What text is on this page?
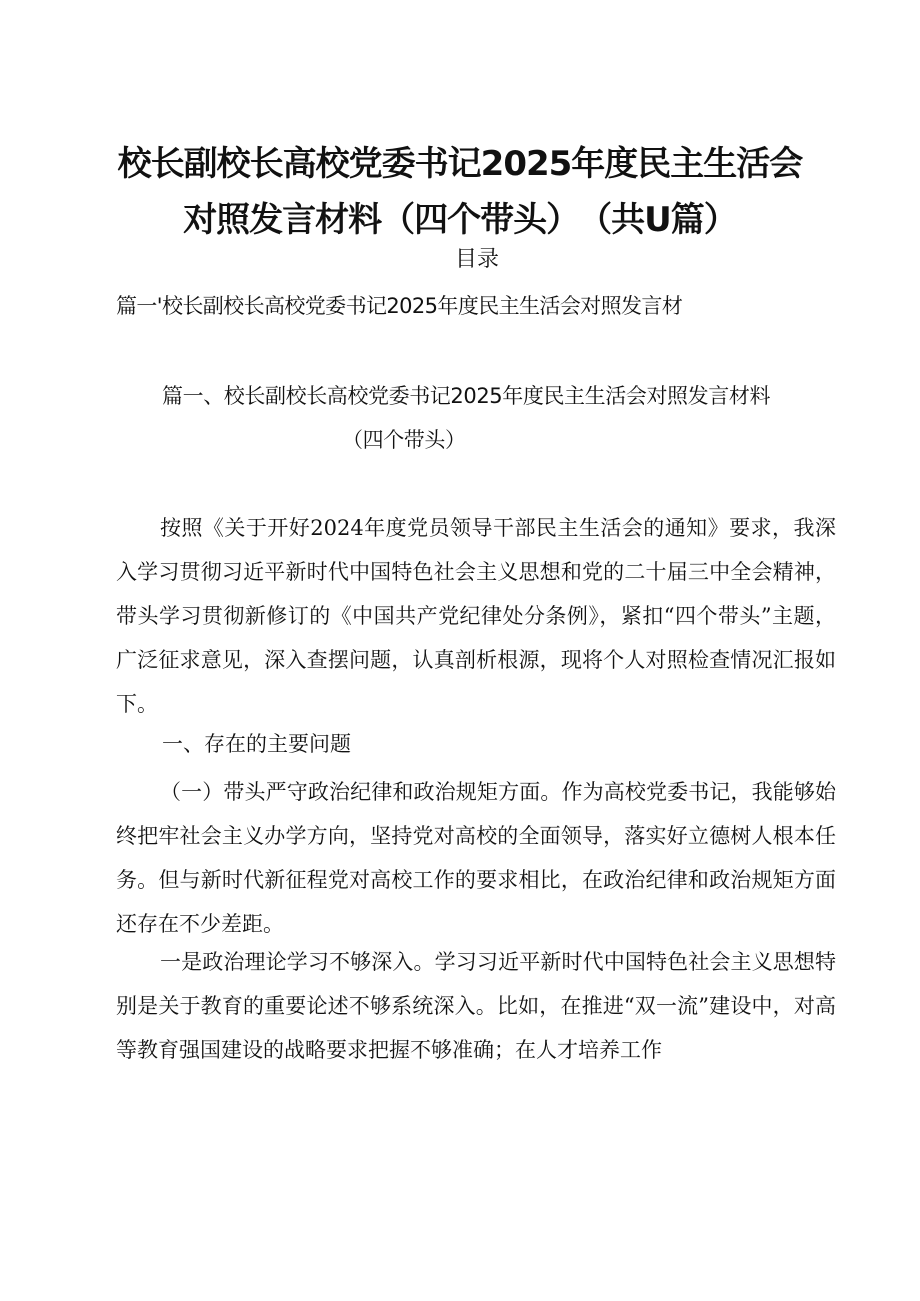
校长副校长高校党委书记2025年度民主生活会
对照发言材料（四个带头）　（共U篇）
目录
篇一'校长副校长高校党委书记2025年度民主生活会对照发言材
篇一、校长副校长高校党委书记2025年度民主生活会对照发言材料
（四个带头）

按照《关于开好2024年度党员领导干部民主生活会的通知》要求，我深入学习贯彻习近平新时代中国特色社会主义思想和党的二十届三中全会精神，带头学习贯彻新修订的《中国共产党纪律处分条例》，紧扣“四个带头”主题，广泛征求意见，深入查摆问题，认真剖析根源，现将个人对照检查情况汇报如下。

一、存在的主要问题

（一）带头严守政治纪律和政治规矩方面。作为高校党委书记，我能够始终把牢社会主义办学方向，坚持党对高校的全面领导，落实好立德树人根本任务。但与新时代新征程党对高校工作的要求相比，在政治纪律和政治规矩方面还存在不少差距。

一是政治理论学习不够深入。学习习近平新时代中国特色社会主义思想特别是关于教育的重要论述不够系统深入。比如，在推进“双一流”建设中，对高等教育强国建设的战略要求把握不够准确；在人才培养工作
